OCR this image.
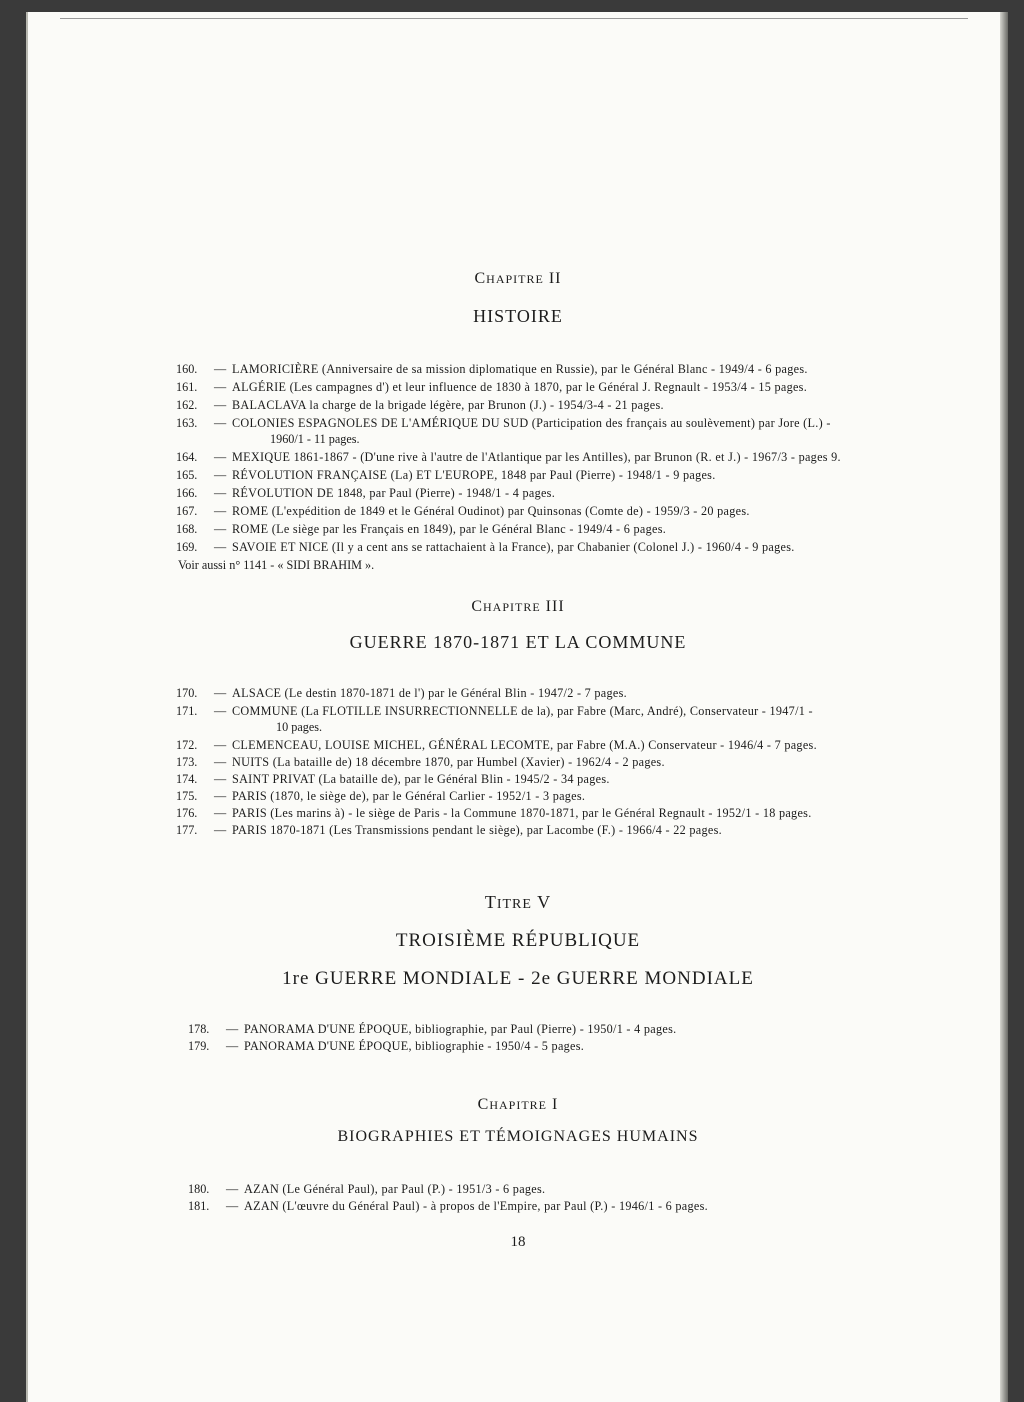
CHAPITRE II
HISTOIRE
160. — LAMORICIÈRE (Anniversaire de sa mission diplomatique en Russie), par le Général Blanc - 1949/4 - 6 pages.
161. — ALGÉRIE (Les campagnes d') et leur influence de 1830 à 1870, par le Général J. Regnault - 1953/4 - 15 pages.
162. — BALACLAVA la charge de la brigade légère, par Brunon (J.) - 1954/3-4 - 21 pages.
163. — COLONIES ESPAGNOLES DE L'AMÉRIQUE DU SUD (Participation des français au soulèvement) par Jore (L.) -
1960/1 - 11 pages.
164. — MEXIQUE 1861-1867 - (D'une rive à l'autre de l'Atlantique par les Antilles), par Brunon (R. et J.) - 1967/3 - pages 9.
165. — RÉVOLUTION FRANÇAISE (La) ET L'EUROPE, 1848 par Paul (Pierre) - 1948/1 - 9 pages.
166. — RÉVOLUTION DE 1848, par Paul (Pierre) - 1948/1 - 4 pages.
167. — ROME (L'expédition de 1849 et le Général Oudinot) par Quinsonas (Comte de) - 1959/3 - 20 pages.
168. — ROME (Le siège par les Français en 1849), par le Général Blanc - 1949/4 - 6 pages.
169. — SAVOIE ET NICE (Il y a cent ans se rattachaient à la France), par Chabanier (Colonel J.) - 1960/4 - 9 pages.
Voir aussi n° 1141 - « SIDI BRAHIM ».
CHAPITRE III
GUERRE 1870-1871 ET LA COMMUNE
170. — ALSACE (Le destin 1870-1871 de l') par le Général Blin - 1947/2 - 7 pages.
171. — COMMUNE (La FLOTILLE INSURRECTIONNELLE de la), par Fabre (Marc, André), Conservateur - 1947/1 -
10 pages.
172. — CLEMENCEAU, LOUISE MICHEL, GÉNÉRAL LECOMTE, par Fabre (M.A.) Conservateur - 1946/4 - 7 pages.
173. — NUITS (La bataille de) 18 décembre 1870, par Humbel (Xavier) - 1962/4 - 2 pages.
174. — SAINT PRIVAT (La bataille de), par le Général Blin - 1945/2 - 34 pages.
175. — PARIS (1870, le siège de), par le Général Carlier - 1952/1 - 3 pages.
176. — PARIS (Les marins à) - le siège de Paris - la Commune 1870-1871, par le Général Regnault - 1952/1 - 18 pages.
177. — PARIS 1870-1871 (Les Transmissions pendant le siège), par Lacombe (F.) - 1966/4 - 22 pages.
TITRE V
TROISIÈME RÉPUBLIQUE
1re GUERRE MONDIALE - 2e GUERRE MONDIALE
178. — PANORAMA D'UNE ÉPOQUE, bibliographie, par Paul (Pierre) - 1950/1 - 4 pages.
179. — PANORAMA D'UNE ÉPOQUE, bibliographie - 1950/4 - 5 pages.
CHAPITRE I
BIOGRAPHIES ET TÉMOIGNAGES HUMAINS
180. — AZAN (Le Général Paul), par Paul (P.) - 1951/3 - 6 pages.
181. — AZAN (L'œuvre du Général Paul) - à propos de l'Empire, par Paul (P.) - 1946/1 - 6 pages.
18
